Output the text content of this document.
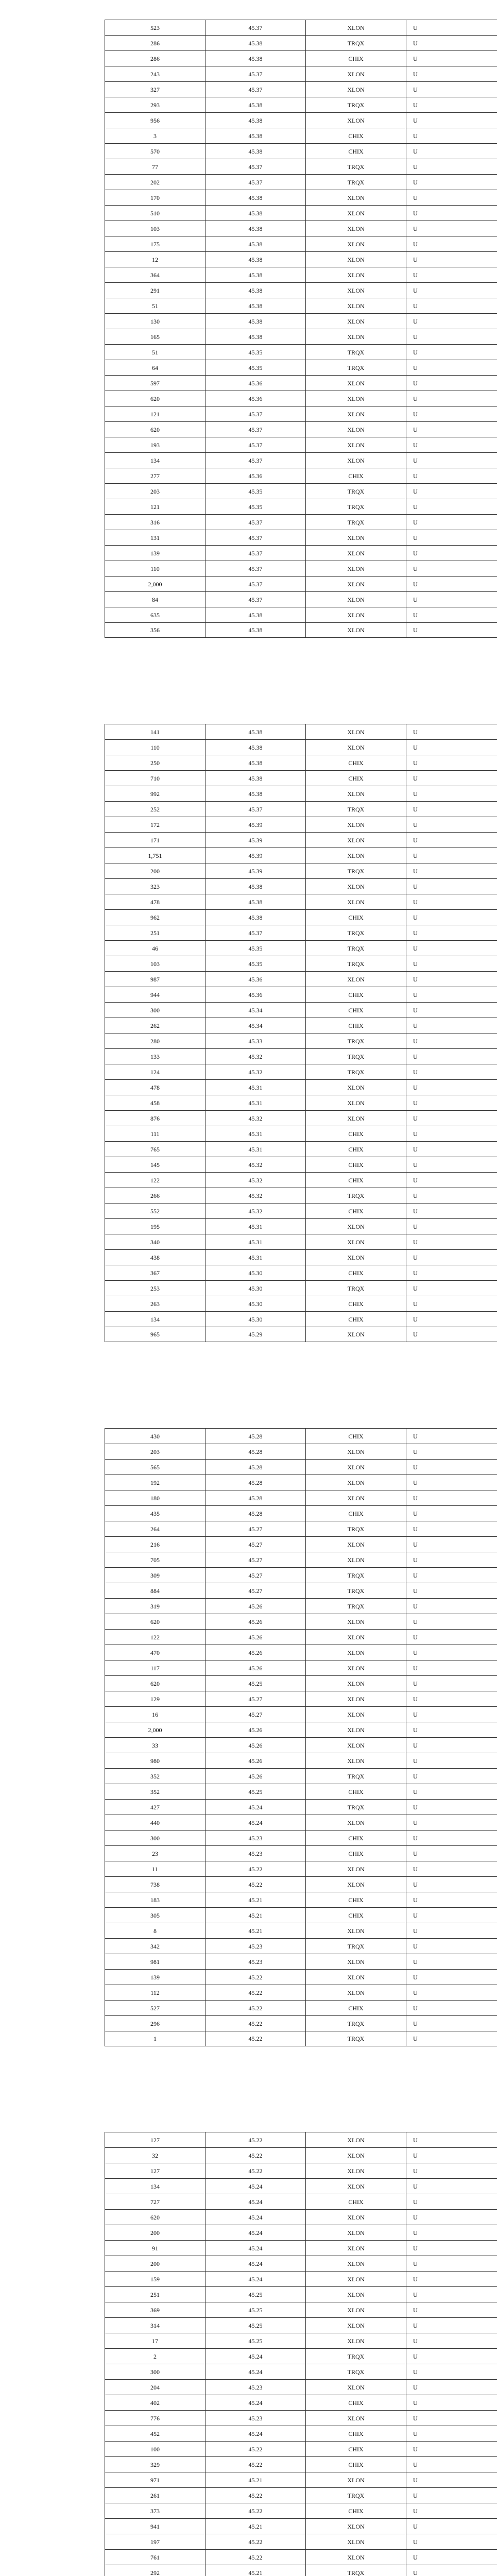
523	45.37	XLON	U
286	45.38	TRQX	U
286	45.38	CHIX	U
243	45.37	XLON	U
327	45.37	XLON	U
293	45.38	TRQX	U
956	45.38	XLON	U
3	45.38	CHIX	U
570	45.38	CHIX	U
77	45.37	TRQX	U
202	45.37	TRQX	U
170	45.38	XLON	U
510	45.38	XLON	U
103	45.38	XLON	U
175	45.38	XLON	U
12	45.38	XLON	U
364	45.38	XLON	U
291	45.38	XLON	U
51	45.38	XLON	U
130	45.38	XLON	U
165	45.38	XLON	U
51	45.35	TRQX	U
64	45.35	TRQX	U
597	45.36	XLON	U
620	45.36	XLON	U
121	45.37	XLON	U
620	45.37	XLON	U
193	45.37	XLON	U
134	45.37	XLON	U
277	45.36	CHIX	U
203	45.35	TRQX	U
121	45.35	TRQX	U
316	45.37	TRQX	U
131	45.37	XLON	U
139	45.37	XLON	U
110	45.37	XLON	U
2,000	45.37	XLON	U
84	45.37	XLON	U
635	45.38	XLON	U
356	45.38	XLON	U
141	45.38	XLON	U
110	45.38	XLON	U
250	45.38	CHIX	U
710	45.38	CHIX	U
992	45.38	XLON	U
252	45.37	TRQX	U
172	45.39	XLON	U
171	45.39	XLON	U
1,751	45.39	XLON	U
200	45.39	TRQX	U
323	45.38	XLON	U
478	45.38	XLON	U
962	45.38	CHIX	U
251	45.37	TRQX	U
46	45.35	TRQX	U
103	45.35	TRQX	U
987	45.36	XLON	U
944	45.36	CHIX	U
300	45.34	CHIX	U
262	45.34	CHIX	U
280	45.33	TRQX	U
133	45.32	TRQX	U
124	45.32	TRQX	U
478	45.31	XLON	U
458	45.31	XLON	U
876	45.32	XLON	U
111	45.31	CHIX	U
765	45.31	CHIX	U
145	45.32	CHIX	U
122	45.32	CHIX	U
266	45.32	TRQX	U
552	45.32	CHIX	U
195	45.31	XLON	U
340	45.31	XLON	U
438	45.31	XLON	U
367	45.30	CHIX	U
253	45.30	TRQX	U
263	45.30	CHIX	U
134	45.30	CHIX	U
965	45.29	XLON	U
430	45.28	CHIX	U
203	45.28	XLON	U
565	45.28	XLON	U
192	45.28	XLON	U
180	45.28	XLON	U
435	45.28	CHIX	U
264	45.27	TRQX	U
216	45.27	XLON	U
705	45.27	XLON	U
309	45.27	TRQX	U
884	45.27	TRQX	U
319	45.26	TRQX	U
620	45.26	XLON	U
122	45.26	XLON	U
470	45.26	XLON	U
117	45.26	XLON	U
620	45.25	XLON	U
129	45.27	XLON	U
16	45.27	XLON	U
2,000	45.26	XLON	U
33	45.26	XLON	U
980	45.26	XLON	U
352	45.26	TRQX	U
352	45.25	CHIX	U
427	45.24	TRQX	U
440	45.24	XLON	U
300	45.23	CHIX	U
23	45.23	CHIX	U
11	45.22	XLON	U
738	45.22	XLON	U
183	45.21	CHIX	U
305	45.21	CHIX	U
8	45.21	XLON	U
342	45.23	TRQX	U
981	45.23	XLON	U
139	45.22	XLON	U
112	45.22	XLON	U
527	45.22	CHIX	U
296	45.22	TRQX	U
1	45.22	TRQX	U
127	45.22	XLON	U
32	45.22	XLON	U
127	45.22	XLON	U
134	45.24	XLON	U
727	45.24	CHIX	U
620	45.24	XLON	U
200	45.24	XLON	U
91	45.24	XLON	U
200	45.24	XLON	U
159	45.24	XLON	U
251	45.25	XLON	U
369	45.25	XLON	U
314	45.25	XLON	U
17	45.25	XLON	U
2	45.24	TRQX	U
300	45.24	TRQX	U
204	45.23	XLON	U
402	45.24	CHIX	U
776	45.23	XLON	U
452	45.24	CHIX	U
100	45.22	CHIX	U
329	45.22	CHIX	U
971	45.21	XLON	U
261	45.22	TRQX	U
373	45.22	CHIX	U
941	45.21	XLON	U
197	45.22	XLON	U
761	45.22	XLON	U
292	45.21	TRQX	U
